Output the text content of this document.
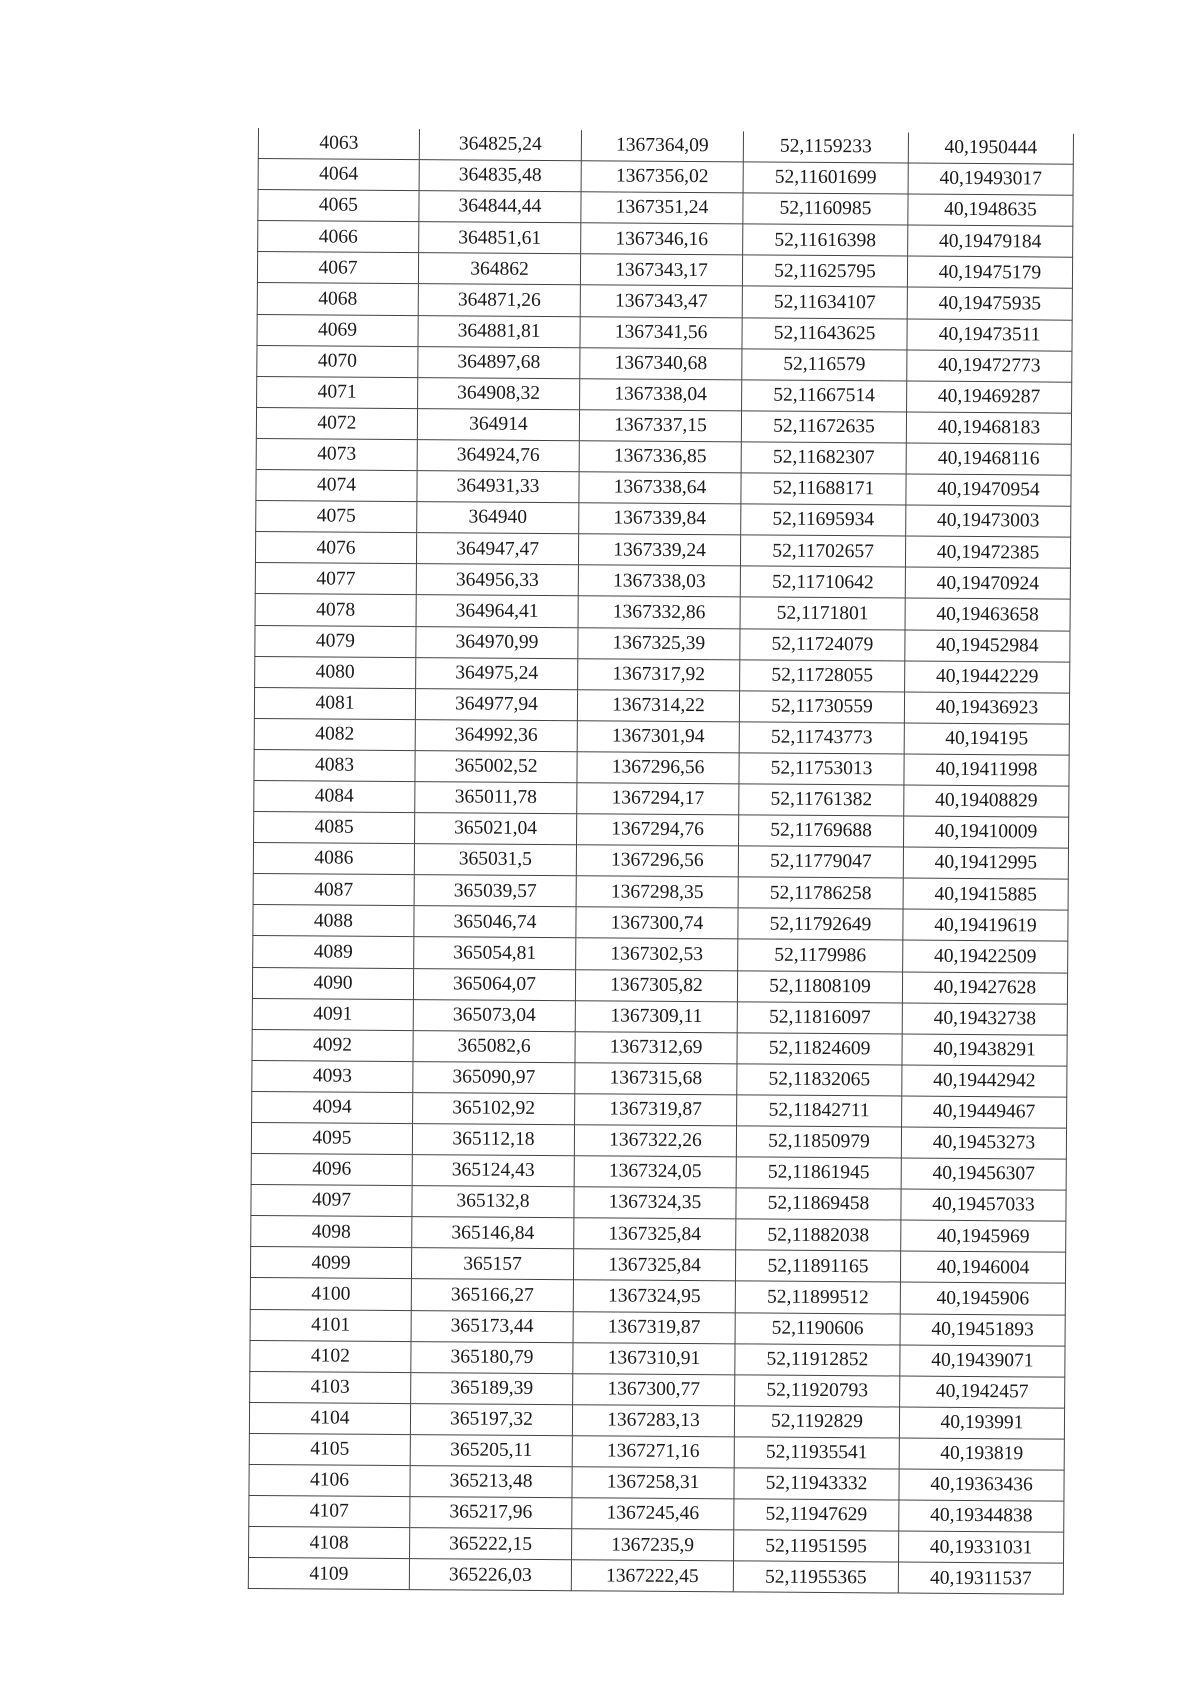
4063	364825,24	1367364,09	52,1159233	40,1950444
4064	364835,48	1367356,02	52,11601699	40,19493017
4065	364844,44	1367351,24	52,1160985	40,1948635
4066	364851,61	1367346,16	52,11616398	40,19479184
4067	364862	1367343,17	52,11625795	40,19475179
4068	364871,26	1367343,47	52,11634107	40,19475935
4069	364881,81	1367341,56	52,11643625	40,19473511
4070	364897,68	1367340,68	52,116579	40,19472773
4071	364908,32	1367338,04	52,11667514	40,19469287
4072	364914	1367337,15	52,11672635	40,19468183
4073	364924,76	1367336,85	52,11682307	40,19468116
4074	364931,33	1367338,64	52,11688171	40,19470954
4075	364940	1367339,84	52,11695934	40,19473003
4076	364947,47	1367339,24	52,11702657	40,19472385
4077	364956,33	1367338,03	52,11710642	40,19470924
4078	364964,41	1367332,86	52,1171801	40,19463658
4079	364970,99	1367325,39	52,11724079	40,19452984
4080	364975,24	1367317,92	52,11728055	40,19442229
4081	364977,94	1367314,22	52,11730559	40,19436923
4082	364992,36	1367301,94	52,11743773	40,194195
4083	365002,52	1367296,56	52,11753013	40,19411998
4084	365011,78	1367294,17	52,11761382	40,19408829
4085	365021,04	1367294,76	52,11769688	40,19410009
4086	365031,5	1367296,56	52,11779047	40,19412995
4087	365039,57	1367298,35	52,11786258	40,19415885
4088	365046,74	1367300,74	52,11792649	40,19419619
4089	365054,81	1367302,53	52,1179986	40,19422509
4090	365064,07	1367305,82	52,11808109	40,19427628
4091	365073,04	1367309,11	52,11816097	40,19432738
4092	365082,6	1367312,69	52,11824609	40,19438291
4093	365090,97	1367315,68	52,11832065	40,19442942
4094	365102,92	1367319,87	52,11842711	40,19449467
4095	365112,18	1367322,26	52,11850979	40,19453273
4096	365124,43	1367324,05	52,11861945	40,19456307
4097	365132,8	1367324,35	52,11869458	40,19457033
4098	365146,84	1367325,84	52,11882038	40,1945969
4099	365157	1367325,84	52,11891165	40,1946004
4100	365166,27	1367324,95	52,11899512	40,1945906
4101	365173,44	1367319,87	52,1190606	40,19451893
4102	365180,79	1367310,91	52,11912852	40,19439071
4103	365189,39	1367300,77	52,11920793	40,1942457
4104	365197,32	1367283,13	52,1192829	40,193991
4105	365205,11	1367271,16	52,11935541	40,193819
4106	365213,48	1367258,31	52,11943332	40,19363436
4107	365217,96	1367245,46	52,11947629	40,19344838
4108	365222,15	1367235,9	52,11951595	40,19331031
4109	365226,03	1367222,45	52,11955365	40,19311537
